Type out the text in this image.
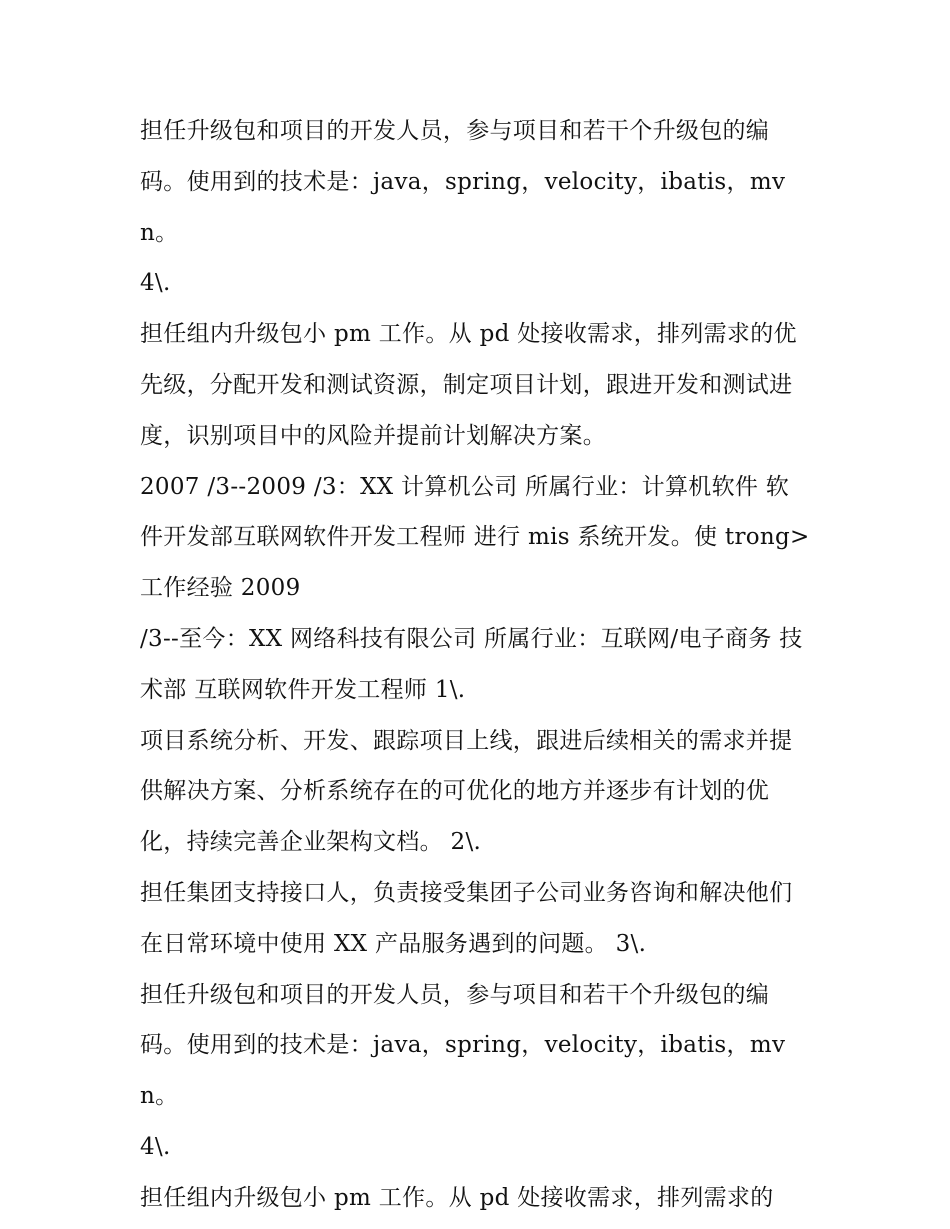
担任升级包和项目的开发人员，参与项目和若干个升级包的编码。使用到的技术是：java，spring，velocity，ibatis，mvn。

4\.

担任组内升级包小 pm 工作。从 pd 处接收需求，排列需求的优先级，分配开发和测试资源，制定项目计划，跟进开发和测试进度，识别项目中的风险并提前计划解决方案。

2007 /3--2009 /3：XX 计算机公司 所属行业：计算机软件 软件开发部互联网软件开发工程师 进行 mis 系统开发。使 trong>

工作经验 2009

/3--至今：XX 网络科技有限公司 所属行业：互联网/电子商务 技术部 互联网软件开发工程师 1\.

项目系统分析、开发、跟踪项目上线，跟进后续相关的需求并提供解决方案、分析系统存在的可优化的地方并逐步有计划的优化，持续完善企业架构文档。 2\.

担任集团支持接口人，负责接受集团子公司业务咨询和解决他们在日常环境中使用 XX 产品服务遇到的问题。 3\.

担任升级包和项目的开发人员，参与项目和若干个升级包的编码。使用到的技术是：java，spring，velocity，ibatis，mvn。

4\.

担任组内升级包小 pm 工作。从 pd 处接收需求，排列需求的
